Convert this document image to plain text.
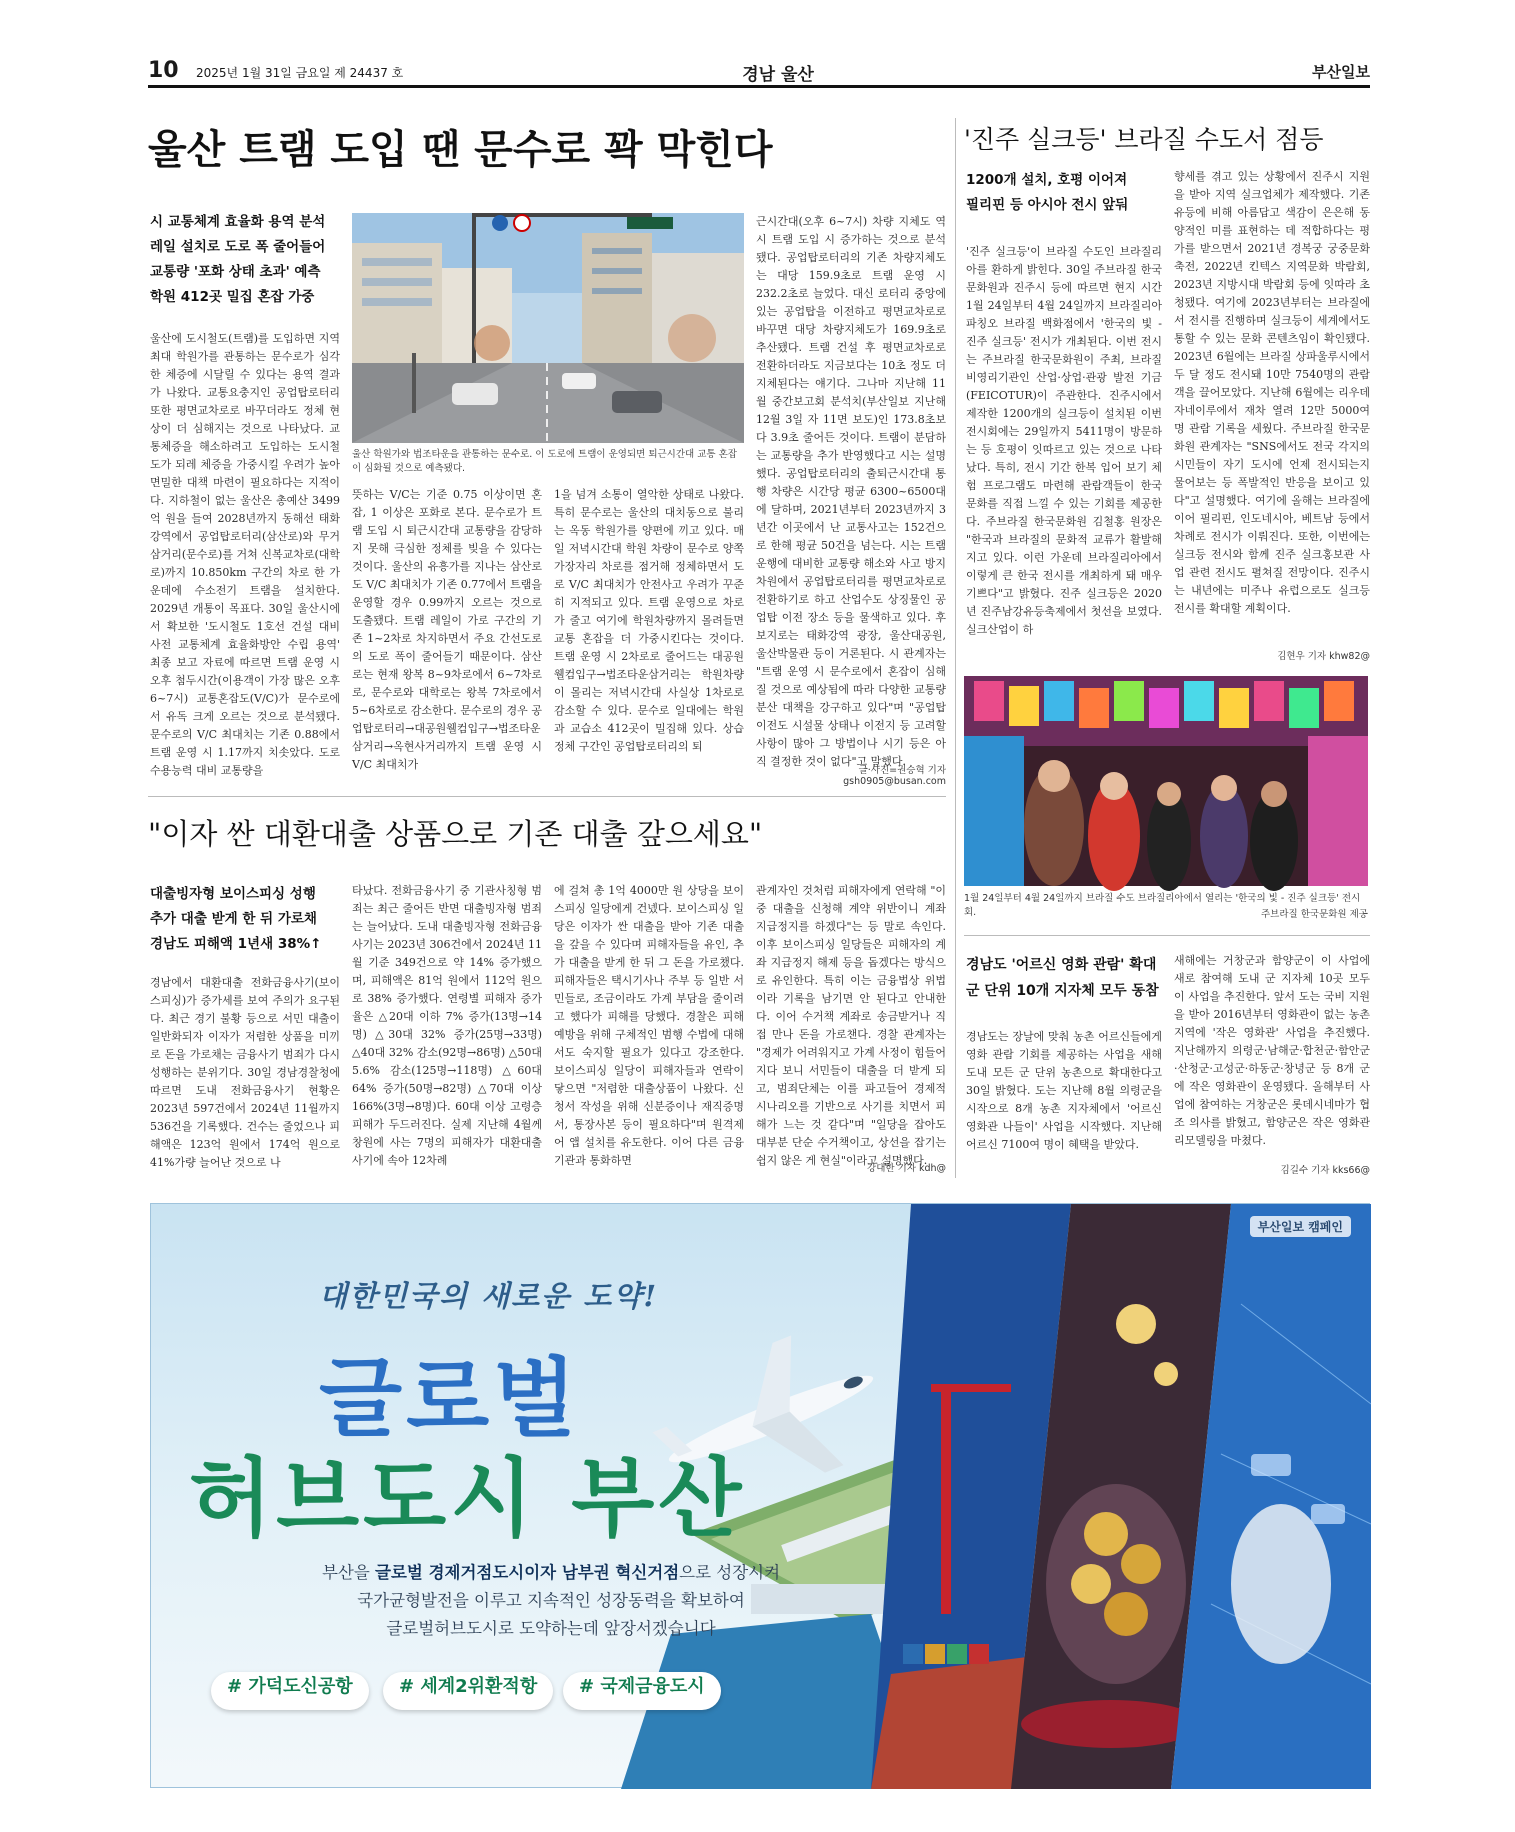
10 2025년 1월 31일 금요일 제 24437 호	경남 울산	부산일보
울산 트램 도입 땐 문수로 꽉 막힌다
시 교통체계 효율화 용역 분석
레일 설치로 도로 폭 줄어들어
교통량 '포화 상태 초과' 예측
학원 412곳 밀집 혼잡 가중
울산에 도시철도(트램)를 도입하면 지역 최대 학원가를 관통하는 문수로가 심각한 체증에 시달릴 수 있다는 용역 결과가 나왔다. 교통요충지인 공업탑로터리 또한 평면교차로로 바꾸더라도 정체 현상이 더 심해지는 것으로 나타났다. 교통체증을 해소하려고 도입하는 도시철도가 되레 체증을 가중시킬 우려가 높아 면밀한 대책 마련이 필요하다는 지적이다. 지하철이 없는 울산은 총예산 3499억 원을 들여 2028년까지 동해선 태화강역에서 공업탑로터리(삼산로)와 무거삼거리(문수로)를 거쳐 신복교차로(대학로)까지 10.850km 구간의 차로 한 가운데에 수소전기 트램을 설치한다. 2029년 개통이 목표다. 30일 울산시에서 확보한 '도시철도 1호선 건설 대비 사전 교통체계 효율화방안 수립 용역' 최종 보고 자료에 따르면 트램 운영 시 오후 첨두시간(이용객이 가장 많은 오후 6~7시) 교통혼잡도(V/C)가 문수로에서 유독 크게 오르는 것으로 분석됐다. 문수로의 V/C 최대치는 기존 0.88에서 트램 운영 시 1.17까지 치솟았다. 도로 수용능력 대비 교통량을
울산 학원가와 법조타운을 관통하는 문수로. 이 도로에 트램이 운영되면 퇴근시간대 교통 혼잡이 심화될 것으로 예측됐다.
뜻하는 V/C는 기준 0.75 이상이면 혼잡, 1 이상은 포화로 본다. 문수로가 트램 도입 시 퇴근시간대 교통량을 감당하지 못해 극심한 정체를 빚을 수 있다는 것이다. 울산의 유흥가를 지나는 삼산로도 V/C 최대치가 기존 0.77에서 트램을 운영할 경우 0.99까지 오르는 것으로 도출됐다. 트램 레일이 가로 구간의 기존 1~2차로 차지하면서 주요 간선도로의 도로 폭이 줄어들기 때문이다. 삼산로는 현재 왕복 8~9차로에서 6~7차로로, 문수로와 대학로는 왕복 7차로에서 5~6차로로 감소한다. 문수로의 경우 공업탑로터리→대공원웰컴입구→법조타운삼거리→옥현사거리까지 트램 운영 시 V/C 최대치가
1을 넘겨 소통이 열악한 상태로 나왔다. 특히 문수로는 울산의 대치동으로 불리는 옥동 학원가를 양편에 끼고 있다. 매일 저녁시간대 학원 차량이 문수로 양쪽 가장자리 차로를 점거해 정체하면서 도로 V/C 최대치가 안전사고 우려가 꾸준히 지적되고 있다. 트램 운영으로 차로가 줄고 여기에 학원차량까지 몰려들면 교통 혼잡을 더 가중시킨다는 것이다. 트램 운영 시 2차로로 줄어드는 대공원웰컴입구→법조타운삼거리는 학원차량이 몰리는 저녁시간대 사실상 1차로로 감소할 수 있다. 문수로 일대에는 학원과 교습소 412곳이 밀집해 있다. 상습 정체 구간인 공업탑로터리의 퇴
근시간대(오후 6~7시) 차량 지체도 역시 트램 도입 시 증가하는 것으로 분석됐다. 공업탑로터리의 기존 차량지체도는 대당 159.9초로 트램 운영 시 232.2초로 늘었다. 대신 로터리 중앙에 있는 공업탑을 이전하고 평면교차로로 바꾸면 대당 차량지체도가 169.9초로 추산됐다. 트램 건설 후 평면교차로로 전환하더라도 지금보다는 10초 정도 더 지체된다는 얘기다. 그나마 지난해 11월 중간보고회 분석치(부산일보 지난해 12월 3일 자 11면 보도)인 173.8초보다 3.9초 줄어든 것이다. 트램이 분담하는 교통량을 추가 반영했다고 시는 설명했다. 공업탑로터리의 출퇴근시간대 통행 차량은 시간당 평균 6300~6500대에 달하며, 2021년부터 2023년까지 3년간 이곳에서 난 교통사고는 152건으로 한해 평균 50건을 넘는다. 시는 트램 운행에 대비한 교통량 해소와 사고 방지 차원에서 공업탑로터리를 평면교차로로 전환하기로 하고 산업수도 상징물인 공업탑 이전 장소 등을 물색하고 있다. 후보지로는 태화강역 광장, 울산대공원, 울산박물관 등이 거론된다. 시 관계자는 "트램 운영 시 문수로에서 혼잡이 심해질 것으로 예상됨에 따라 다양한 교통량 분산 대책을 강구하고 있다"며 "공업탑 이전도 시설물 상태나 이전지 등 고려할 사항이 많아 그 방법이나 시기 등은 아직 결정한 것이 없다"고 말했다.
글·사진=권승혁 기자 gsh0905@busan.com
'진주 실크등' 브라질 수도서 점등
1200개 설치, 호평 이어져
필리핀 등 아시아 전시 앞둬
'진주 실크등'이 브라질 수도인 브라질리아를 환하게 밝힌다. 30일 주브라질 한국문화원과 진주시 등에 따르면 현지 시간 1월 24일부터 4월 24일까지 브라질리아 파칭오 브라질 백화점에서 '한국의 빛 - 진주 실크등' 전시가 개최된다. 이번 전시는 주브라질 한국문화원이 주최, 브라질 비영리기관인 산업·상업·관광 발전 기금(FEICOTUR)이 주관한다. 진주시에서 제작한 1200개의 실크등이 설치된 이번 전시회에는 29일까지 5411명이 방문하는 등 호평이 잇따르고 있는 것으로 나타났다. 특히, 전시 기간 한복 입어 보기 체험 프로그램도 마련해 관람객들이 한국 문화를 직접 느낄 수 있는 기회를 제공한다. 주브라질 한국문화원 김철홍 원장은 "한국과 브라질의 문화적 교류가 활발해지고 있다. 이런 가운데 브라질리아에서 이렇게 큰 한국 전시를 개최하게 돼 매우 기쁘다"고 밝혔다. 진주 실크등은 2020년 진주남강유등축제에서 첫선을 보였다. 실크산업이 하
향세를 겪고 있는 상황에서 진주시 지원을 받아 지역 실크업체가 제작했다. 기존 유등에 비해 아름답고 색감이 은은해 동양적인 미를 표현하는 데 적합하다는 평가를 받으면서 2021년 경복궁 궁중문화 축전, 2022년 킨텍스 지역문화 박람회, 2023년 지방시대 박람회 등에 잇따라 초청됐다. 여기에 2023년부터는 브라질에서 전시를 진행하며 실크등이 세계에서도 통할 수 있는 문화 콘텐츠임이 확인됐다. 2023년 6월에는 브라질 상파울루시에서 두 달 정도 전시돼 10만 7540명의 관람객을 끌어모았다. 지난해 6월에는 리우데자네이루에서 재차 열려 12만 5000여 명 관람 기록을 세웠다. 주브라질 한국문화원 관계자는 "SNS에서도 전국 각지의 시민들이 자기 도시에 언제 전시되는지 물어보는 등 폭발적인 반응을 보이고 있다"고 설명했다. 여기에 올해는 브라질에 이어 필리핀, 인도네시아, 베트남 등에서 차례로 전시가 이뤄진다. 또한, 이번에는 실크등 전시와 함께 진주 실크홍보관 사업 관련 전시도 펼쳐질 전망이다. 진주시는 내년에는 미주나 유럽으로도 실크등 전시를 확대할 계획이다.
김현우 기자 khw82@
1월 24일부터 4월 24일까지 브라질 수도 브라질리아에서 열리는 '한국의 빛 - 진주 실크등' 전시회.	주브라질 한국문화원 제공
"이자 싼 대환대출 상품으로 기존 대출 갚으세요"
대출빙자형 보이스피싱 성행
추가 대출 받게 한 뒤 가로채
경남도 피해액 1년새 38%↑
경남에서 대환대출 전화금융사기(보이스피싱)가 증가세를 보여 주의가 요구된다. 최근 경기 불황 등으로 서민 대출이 일반화되자 이자가 저렴한 상품을 미끼로 돈을 가로채는 금융사기 범죄가 다시 성행하는 분위기다. 30일 경남경찰청에 따르면 도내 전화금융사기 현황은 2023년 597건에서 2024년 11월까지 536건을 기록했다. 건수는 줄었으나 피해액은 123억 원에서 174억 원으로 41%가량 늘어난 것으로 나
타났다. 전화금융사기 중 기관사칭형 범죄는 최근 줄어든 반면 대출빙자형 범죄는 늘어났다. 도내 대출빙자형 전화금융사기는 2023년 306건에서 2024년 11월 기준 349건으로 약 14% 증가했으며, 피해액은 81억 원에서 112억 원으로 38% 증가했다. 연령별 피해자 증가율은 △20대 이하 7% 증가(13명→14명) △30대 32% 증가(25명→33명) △40대 32% 감소(92명→86명) △50대 5.6% 감소(125명→118명) △60대 64% 증가(50명→82명) △70대 이상 166%(3명→8명)다. 60대 이상 고령층 피해가 두드러진다. 실제 지난해 4월께 창원에 사는 7명의 피해자가 대환대출 사기에 속아 12차례
에 걸쳐 총 1억 4000만 원 상당을 보이스피싱 일당에게 건넸다. 보이스피싱 일당은 이자가 싼 대출을 받아 기존 대출을 갚을 수 있다며 피해자들을 유인, 추가 대출을 받게 한 뒤 그 돈을 가로챘다. 피해자들은 택시기사나 주부 등 일반 서민들로, 조금이라도 가계 부담을 줄이려고 했다가 피해를 당했다. 경찰은 피해 예방을 위해 구체적인 범행 수법에 대해서도 숙지할 필요가 있다고 강조한다. 보이스피싱 일당이 피해자들과 연락이 닿으면 "저렴한 대출상품이 나왔다. 신청서 작성을 위해 신분증이나 재직증명서, 통장사본 등이 필요하다"며 원격제어 앱 설치를 유도한다. 이어 다른 금융기관과 통화하면
관계자인 것처럼 피해자에게 연락해 "이중 대출을 신청해 계약 위반이니 계좌 지급정지를 하겠다"는 등 말로 속인다. 이후 보이스피싱 일당들은 피해자의 계좌 지급정지 해제 등을 돕겠다는 방식으로 유인한다. 특히 이는 금융법상 위법이라 기록을 남기면 안 된다고 안내한다. 이어 수거책 계좌로 송금받거나 직접 만나 돈을 가로챈다. 경찰 관계자는 "경제가 어려워지고 가계 사정이 힘들어지다 보니 서민들이 대출을 더 받게 되고, 범죄단체는 이를 파고들어 경제적 시나리오를 기반으로 사기를 치면서 피해가 느는 것 같다"며 "일당을 잡아도 대부분 단순 수거책이고, 상선을 잡기는 쉽지 않은 게 현실"이라고 설명했다.
강대한 기자 kdh@
경남도 '어르신 영화 관람' 확대
군 단위 10개 지자체 모두 동참
경남도는 장날에 맞춰 농촌 어르신들에게 영화 관람 기회를 제공하는 사업을 새해 도내 모든 군 단위 농촌으로 확대한다고 30일 밝혔다. 도는 지난해 8월 의령군을 시작으로 8개 농촌 지자체에서 '어르신 영화관 나들이' 사업을 시작했다. 지난해 어르신 7100여 명이 혜택을 받았다.
새해에는 거창군과 함양군이 이 사업에 새로 참여해 도내 군 지자체 10곳 모두 이 사업을 추진한다. 앞서 도는 국비 지원을 받아 2016년부터 영화관이 없는 농촌 지역에 '작은 영화관' 사업을 추진했다. 지난해까지 의령군·남해군·합천군·함안군·산청군·고성군·하동군·창녕군 등 8개 군에 작은 영화관이 운영됐다. 올해부터 사업에 참여하는 거창군은 롯데시네마가 협조 의사를 밝혔고, 함양군은 작은 영화관 리모델링을 마쳤다.
김길수 기자 kks66@
부산일보 캠페인
대한민국의 새로운 도약!
글로벌
허브도시 부산
부산을 글로벌 경제거점도시이자 남부권 혁신거점으로 성장시켜
국가균형발전을 이루고 지속적인 성장동력을 확보하여
글로벌허브도시로 도약하는데 앞장서겠습니다
# 가덕도신공항	# 세계2위환적항	# 국제금융도시
